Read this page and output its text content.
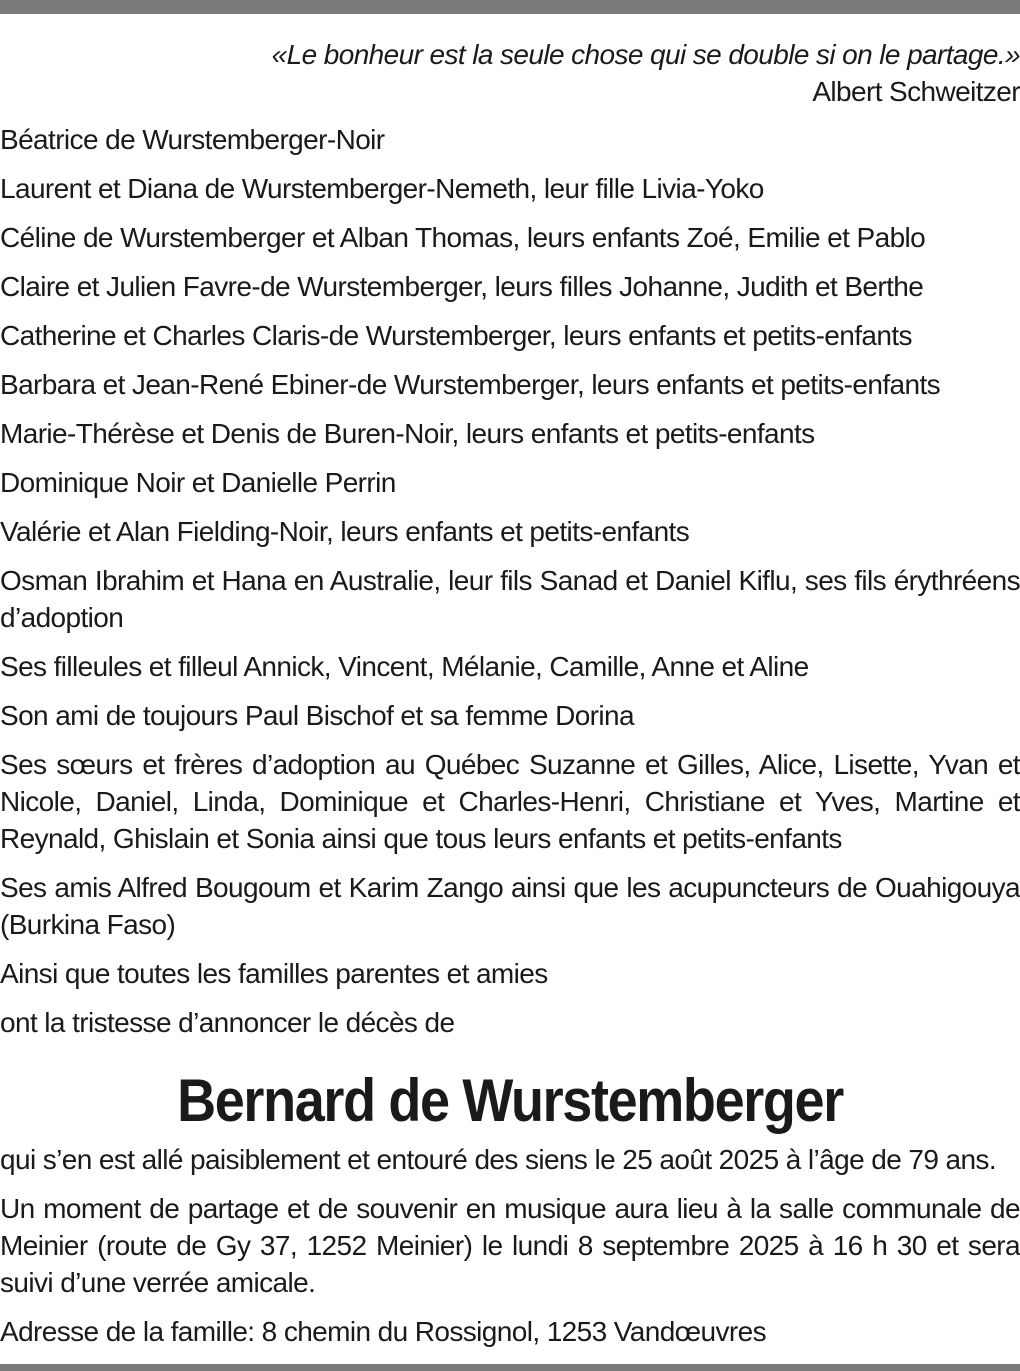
«Le bonheur est la seule chose qui se double si on le partage.»

Albert Schweitzer

Béatrice de Wurstemberger-Noir

Laurent et Diana de Wurstemberger-Nemeth, leur fille Livia-Yoko

Céline de Wurstemberger et Alban Thomas, leurs enfants Zoé, Emilie et Pablo

Claire et Julien Favre-de Wurstemberger, leurs filles Johanne, Judith et Berthe

Catherine et Charles Claris-de Wurstemberger, leurs enfants et petits-enfants

Barbara et Jean-René Ebiner-de Wurstemberger, leurs enfants et petits-enfants

Marie-Thérèse et Denis de Buren-Noir, leurs enfants et petits-enfants

Dominique Noir et Danielle Perrin

Valérie et Alan Fielding-Noir, leurs enfants et petits-enfants

Osman Ibrahim et Hana en Australie, leur fils Sanad et Daniel Kiflu, ses fils érythréens d’adoption

Ses filleules et filleul Annick, Vincent, Mélanie, Camille, Anne et Aline

Son ami de toujours Paul Bischof et sa femme Dorina

Ses sœurs et frères d’adoption au Québec Suzanne et Gilles, Alice, Lisette, Yvan et Nicole, Daniel, Linda, Dominique et Charles-Henri, Christiane et Yves, Martine et Reynald, Ghislain et Sonia ainsi que tous leurs enfants et petits-enfants

Ses amis Alfred Bougoum et Karim Zango ainsi que les acupuncteurs de Ouahigouya (Burkina Faso)

Ainsi que toutes les familles parentes et amies

ont la tristesse d’annoncer le décès de

Bernard de Wurstemberger

qui s’en est allé paisiblement et entouré des siens le 25 août 2025 à l’âge de 79 ans.

Un moment de partage et de souvenir en musique aura lieu à la salle communale de Meinier (route de Gy 37, 1252 Meinier) le lundi 8 septembre 2025 à 16 h 30 et sera suivi d’une verrée amicale.

Adresse de la famille: 8 chemin du Rossignol, 1253 Vandœuvres
